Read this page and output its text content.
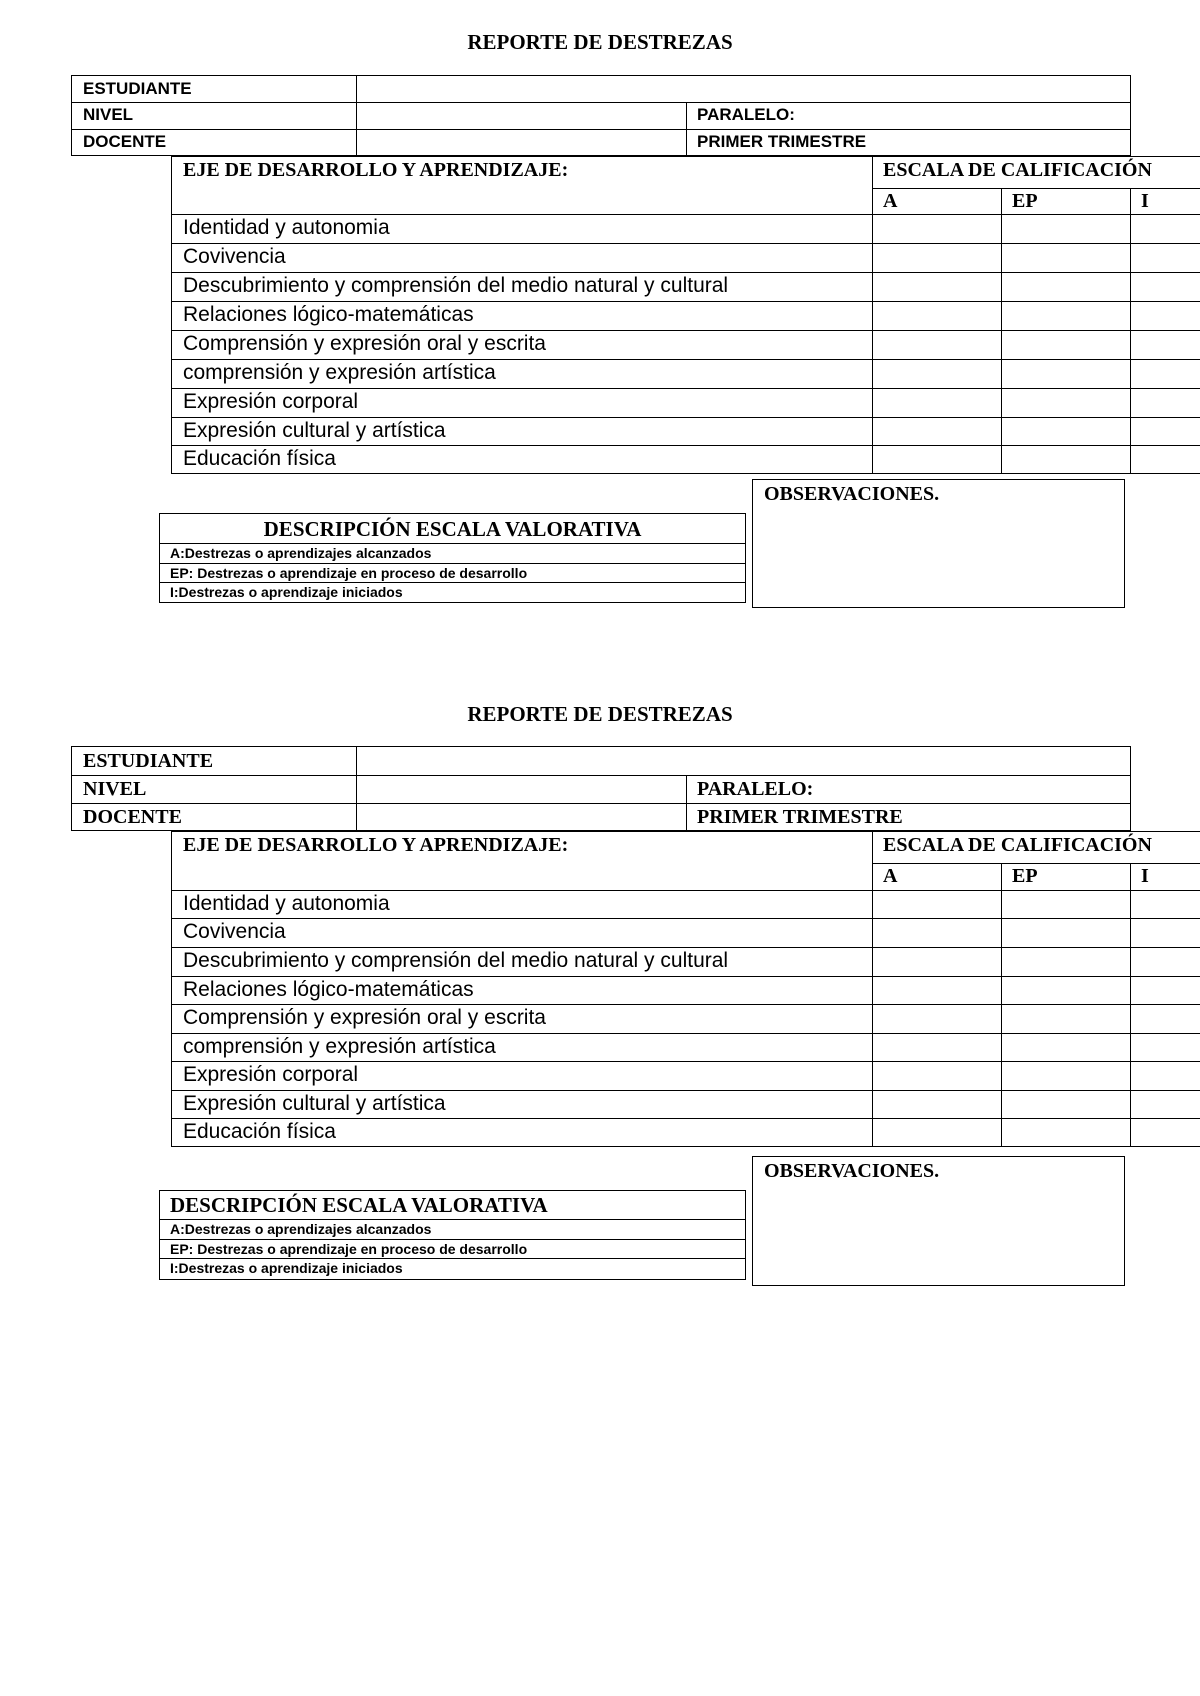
REPORTE DE DESTREZAS
ESTUDIANTE
NIVEL	PARALELO:
DOCENTE	PRIMER TRIMESTRE
EJE DE DESARROLLO Y APRENDIZAJE:	ESCALA DE CALIFICACIÓN
A	EP	I
Identidad y autonomia
Covivencia
Descubrimiento y comprensión del medio natural y cultural
Relaciones lógico-matemáticas
Comprensión y expresión oral y escrita
comprensión y expresión artística
Expresión corporal
Expresión cultural y artística
Educación física
OBSERVACIONES.
DESCRIPCIÓN ESCALA VALORATIVA
A:Destrezas o aprendizajes alcanzados
EP: Destrezas o aprendizaje en proceso de desarrollo
I:Destrezas o aprendizaje iniciados
REPORTE DE DESTREZAS
ESTUDIANTE
NIVEL	PARALELO:
DOCENTE	PRIMER TRIMESTRE
EJE DE DESARROLLO Y APRENDIZAJE:	ESCALA DE CALIFICACIÓN
A	EP	I
Identidad y autonomia
Covivencia
Descubrimiento y comprensión del medio natural y cultural
Relaciones lógico-matemáticas
Comprensión y expresión oral y escrita
comprensión y expresión artística
Expresión corporal
Expresión cultural y artística
Educación física
OBSERVACIONES.
DESCRIPCIÓN ESCALA VALORATIVA
A:Destrezas o aprendizajes alcanzados
EP: Destrezas o aprendizaje en proceso de desarrollo
I:Destrezas o aprendizaje iniciados
